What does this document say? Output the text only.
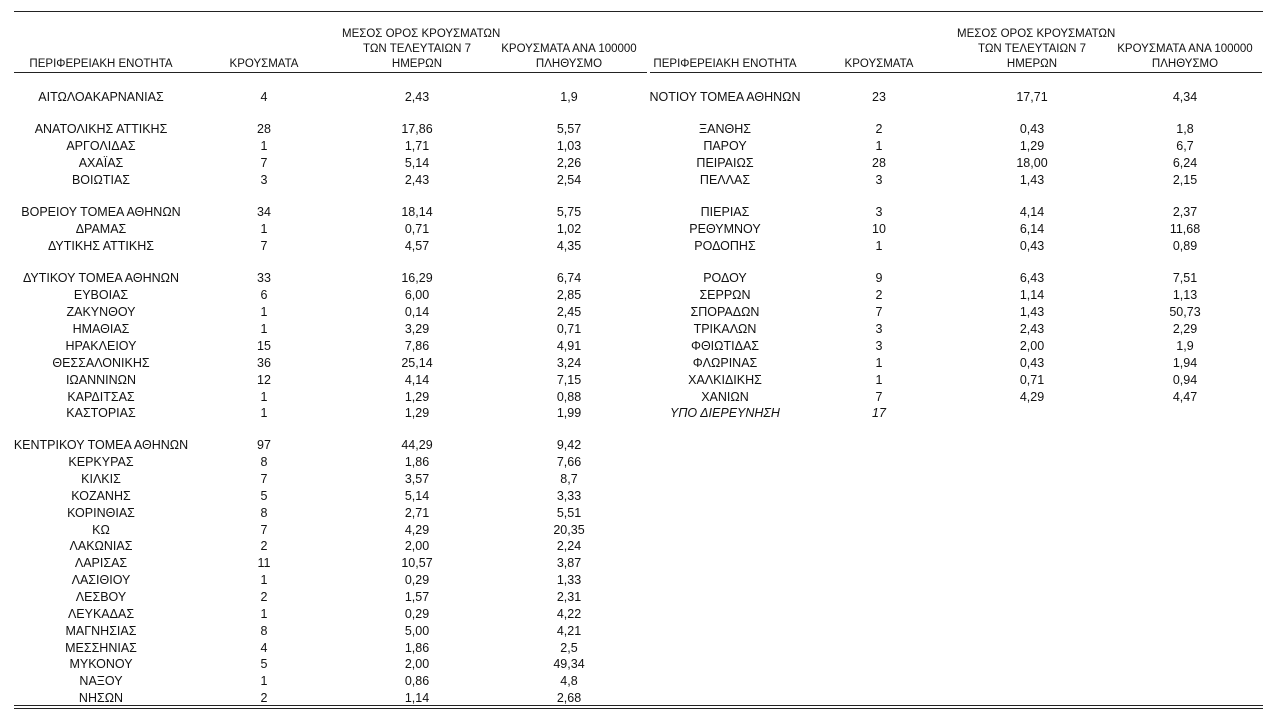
ΠΕΡΙΦΕΡΕΙΑΚΗ ΕΝΟΤΗΤΑ	ΚΡΟΥΣΜΑΤΑ
ΜΕΣΟΣ ΟΡΟΣ ΚΡΟΥΣΜΑΤΩΝ
ΤΩΝ ΤΕΛΕΥΤΑΙΩΝ 7
ΗΜΕΡΩΝ
ΚΡΟΥΣΜΑΤΑ ΑΝΑ 100000
ΠΛΗΘΥΣΜΟ	ΠΕΡΙΦΕΡΕΙΑΚΗ ΕΝΟΤΗΤΑ	ΚΡΟΥΣΜΑΤΑ
ΜΕΣΟΣ ΟΡΟΣ ΚΡΟΥΣΜΑΤΩΝ
ΤΩΝ ΤΕΛΕΥΤΑΙΩΝ 7
ΗΜΕΡΩΝ
ΚΡΟΥΣΜΑΤΑ ΑΝΑ 100000
ΠΛΗΘΥΣΜΟ
ΑΙΤΩΛΟΑΚΑΡΝΑΝΙΑΣ	4	2,43	1,9
ΑΝΑΤΟΛΙΚΗΣ ΑΤΤΙΚΗΣ	28	17,86	5,57
ΑΡΓΟΛΙΔΑΣ	1	1,71	1,03
ΑΧΑΪΑΣ	7	5,14	2,26
ΒΟΙΩΤΙΑΣ	3	2,43	2,54
ΒΟΡΕΙΟΥ ΤΟΜΕΑ ΑΘΗΝΩΝ	34	18,14	5,75
ΔΡΑΜΑΣ	1	0,71	1,02
ΔΥΤΙΚΗΣ ΑΤΤΙΚΗΣ	7	4,57	4,35
ΔΥΤΙΚΟΥ ΤΟΜΕΑ ΑΘΗΝΩΝ	33	16,29	6,74
ΕΥΒΟΙΑΣ	6	6,00	2,85
ΖΑΚΥΝΘΟΥ	1	0,14	2,45
ΗΜΑΘΙΑΣ	1	3,29	0,71
ΗΡΑΚΛΕΙΟΥ	15	7,86	4,91
ΘΕΣΣΑΛΟΝΙΚΗΣ	36	25,14	3,24
ΙΩΑΝΝΙΝΩΝ	12	4,14	7,15
ΚΑΡΔΙΤΣΑΣ	1	1,29	0,88
ΚΑΣΤΟΡΙΑΣ	1	1,29	1,99
ΚΕΝΤΡΙΚΟΥ ΤΟΜΕΑ ΑΘΗΝΩΝ	97	44,29	9,42
ΚΕΡΚΥΡΑΣ	8	1,86	7,66
ΚΙΛΚΙΣ	7	3,57	8,7
ΚΟΖΑΝΗΣ	5	5,14	3,33
ΚΟΡΙΝΘΙΑΣ	8	2,71	5,51
ΚΩ	7	4,29	20,35
ΛΑΚΩΝΙΑΣ	2	2,00	2,24
ΛΑΡΙΣΑΣ	11	10,57	3,87
ΛΑΣΙΘΙΟΥ	1	0,29	1,33
ΛΕΣΒΟΥ	2	1,57	2,31
ΛΕΥΚΑΔΑΣ	1	0,29	4,22
ΜΑΓΝΗΣΙΑΣ	8	5,00	4,21
ΜΕΣΣΗΝΙΑΣ	4	1,86	2,5
ΜΥΚΟΝΟΥ	5	2,00	49,34
ΝΑΞΟΥ	1	0,86	4,8
ΝΗΣΩΝ	2	1,14	2,68
ΝΟΤΙΟΥ ΤΟΜΕΑ ΑΘΗΝΩΝ	23	17,71	4,34
ΞΑΝΘΗΣ	2	0,43	1,8
ΠΑΡΟΥ	1	1,29	6,7
ΠΕΙΡΑΙΩΣ	28	18,00	6,24
ΠΕΛΛΑΣ	3	1,43	2,15
ΠΙΕΡΙΑΣ	3	4,14	2,37
ΡΕΘΥΜΝΟΥ	10	6,14	11,68
ΡΟΔΟΠΗΣ	1	0,43	0,89
ΡΟΔΟΥ	9	6,43	7,51
ΣΕΡΡΩΝ	2	1,14	1,13
ΣΠΟΡΑΔΩΝ	7	1,43	50,73
ΤΡΙΚΑΛΩΝ	3	2,43	2,29
ΦΘΙΩΤΙΔΑΣ	3	2,00	1,9
ΦΛΩΡΙΝΑΣ	1	0,43	1,94
ΧΑΛΚΙΔΙΚΗΣ	1	0,71	0,94
ΧΑΝΙΩΝ	7	4,29	4,47
ΥΠΟ ΔΙΕΡΕΥΝΗΣΗ	17
